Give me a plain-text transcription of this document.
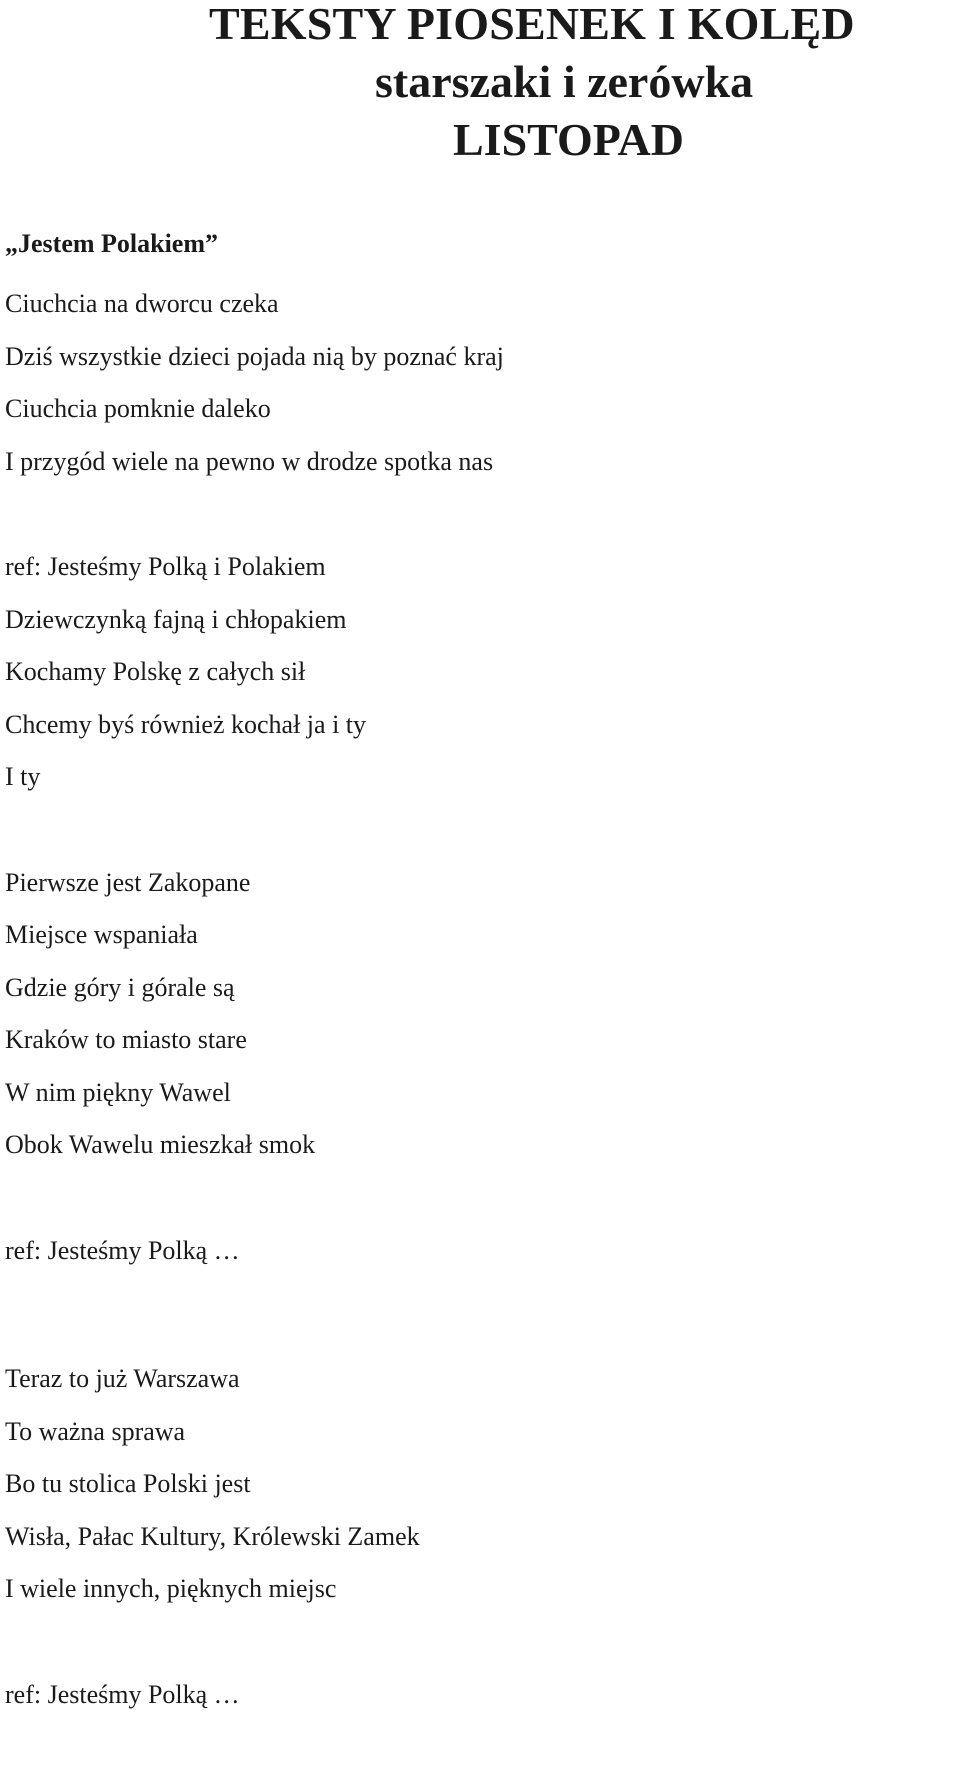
TEKSTY PIOSENEK I KOLĘD
starszaki i zerówka
LISTOPAD
„Jestem Polakiem”
Ciuchcia na dworcu czeka
Dziś wszystkie dzieci pojada nią by poznać kraj
Ciuchcia pomknie daleko
I przygód wiele na pewno w drodze spotka nas
ref: Jesteśmy Polką i Polakiem
Dziewczynką fajną i chłopakiem
Kochamy Polskę z całych sił
Chcemy byś również kochał ja i ty
I ty
Pierwsze jest Zakopane
Miejsce wspaniała
Gdzie góry i górale są
Kraków to miasto stare
W nim piękny Wawel
Obok Wawelu mieszkał smok
ref: Jesteśmy Polką …
Teraz to już Warszawa
To ważna sprawa
Bo tu stolica Polski jest
Wisła, Pałac Kultury, Królewski Zamek
I wiele innych, pięknych miejsc
ref: Jesteśmy Polką …
